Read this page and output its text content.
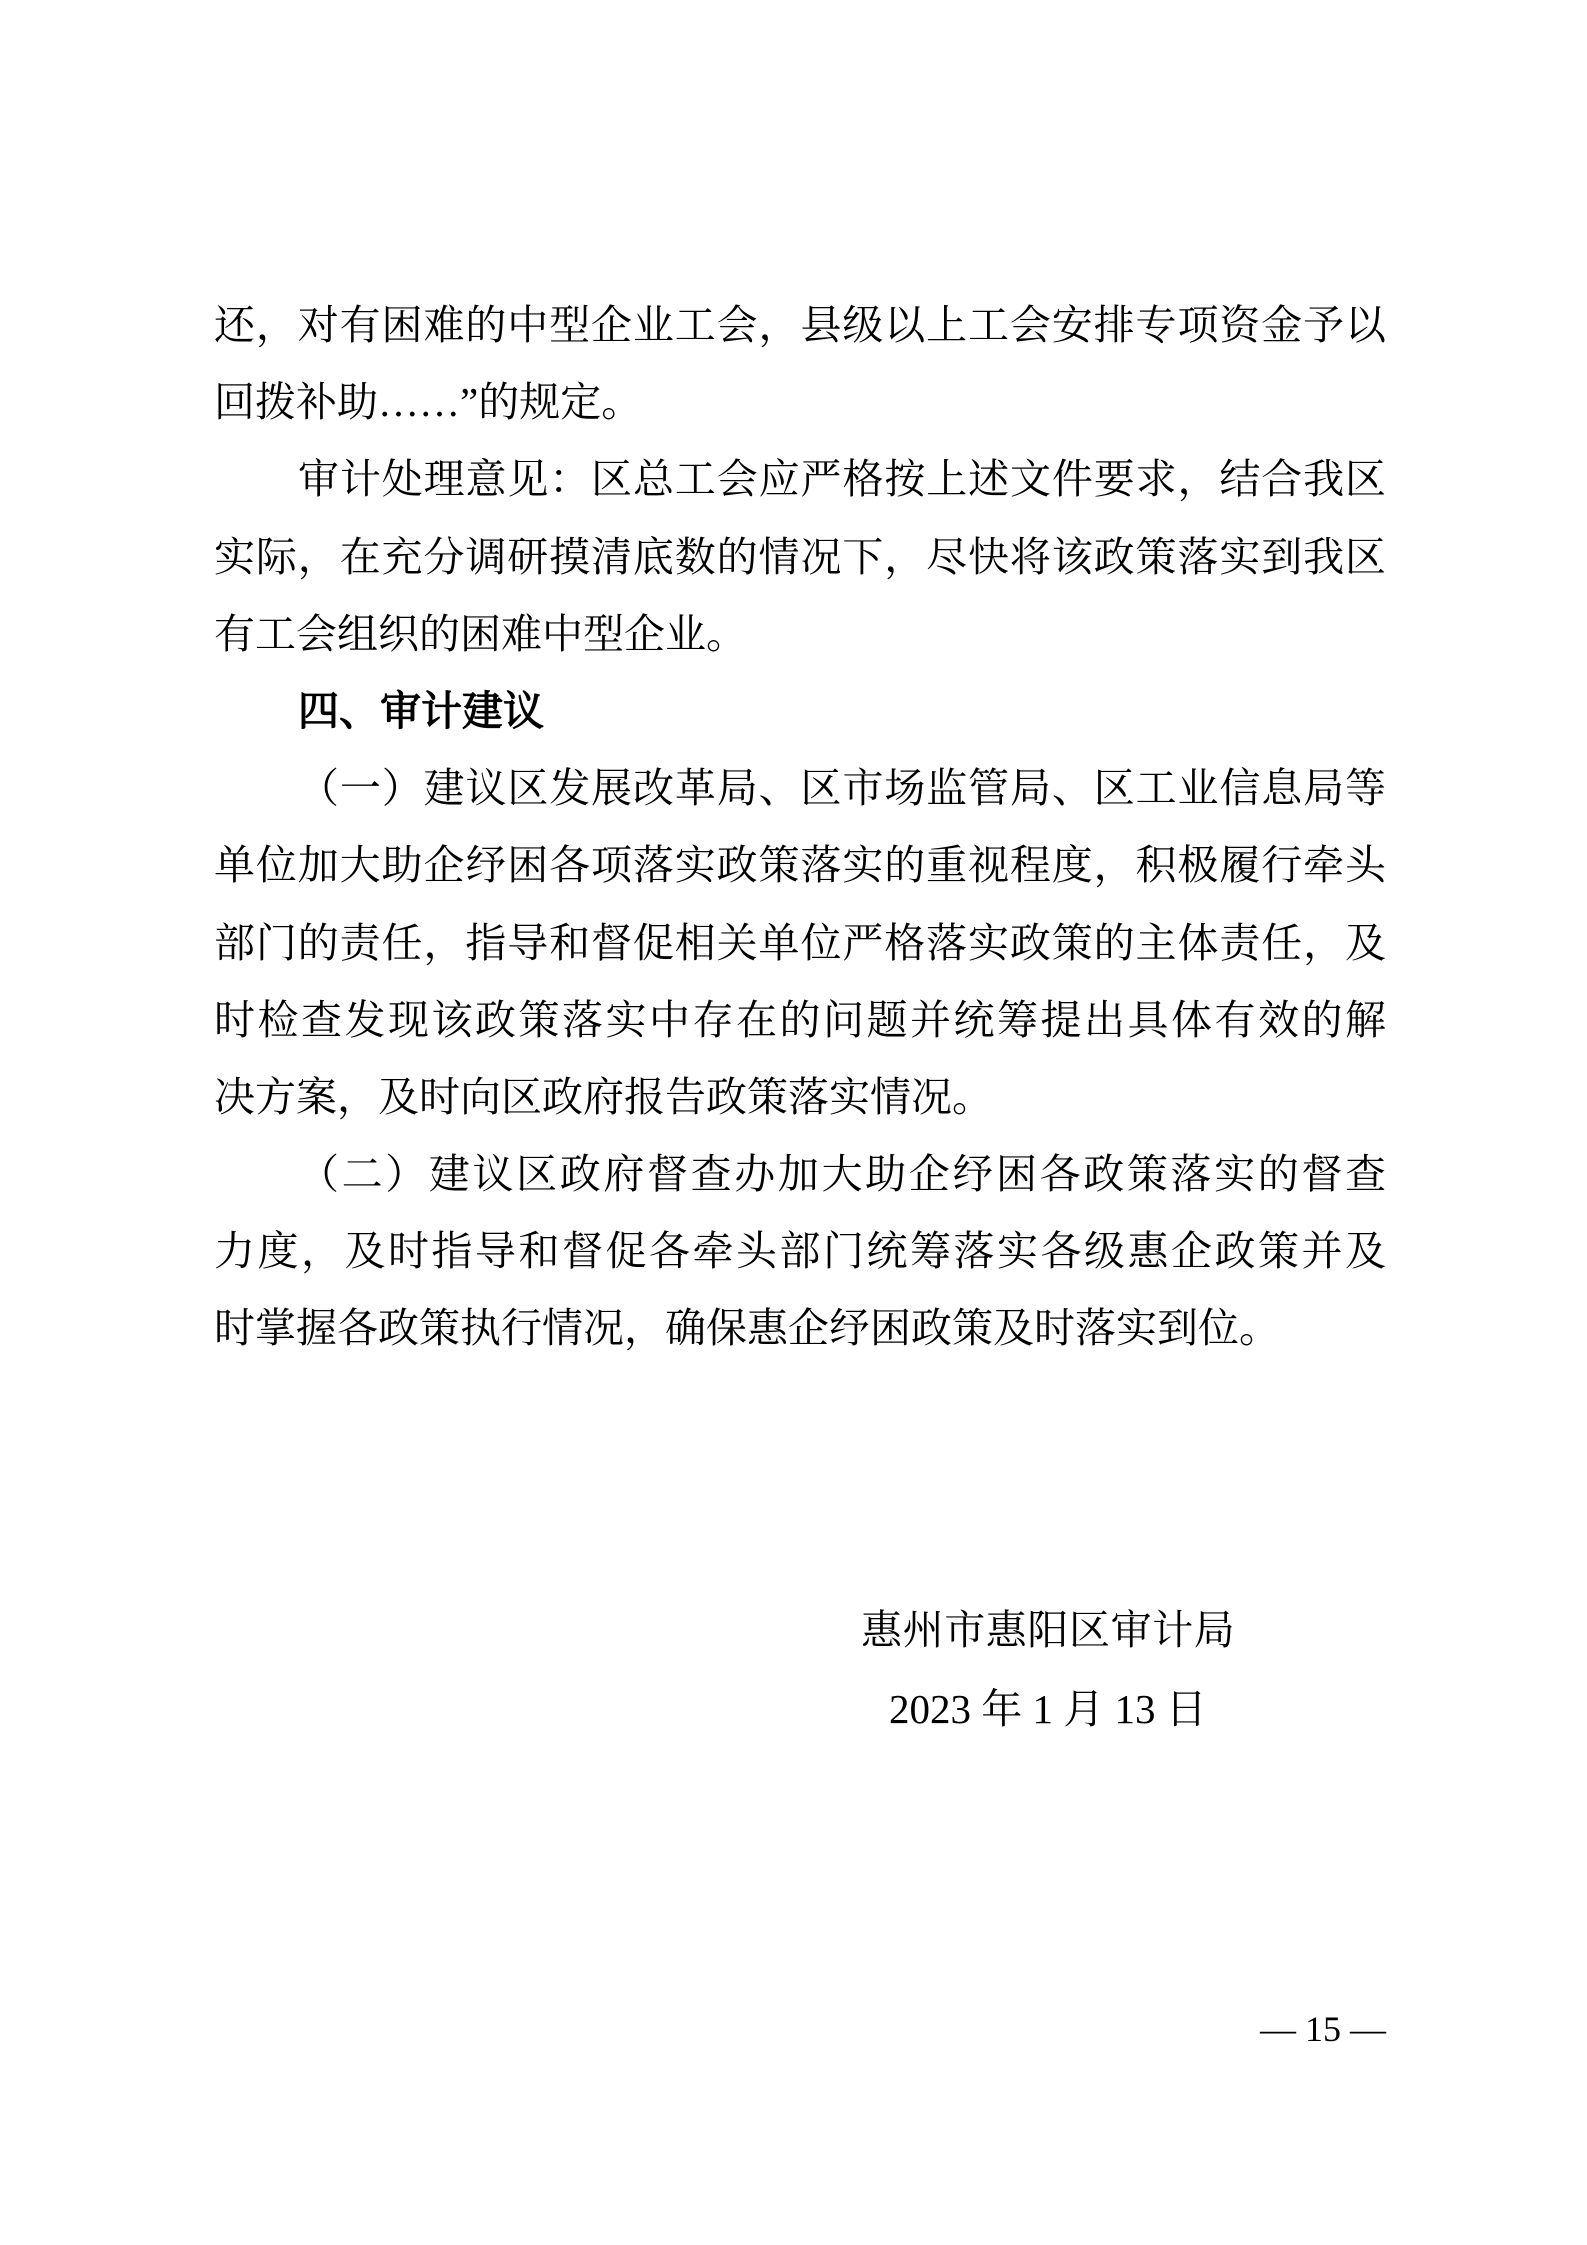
还，对有困难的中型企业工会，县级以上工会安排专项资金予以
回拨补助……”的规定。
审计处理意见：区总工会应严格按上述文件要求，结合我区
实际，在充分调研摸清底数的情况下，尽快将该政策落实到我区
有工会组织的困难中型企业。
四、审计建议
（一）建议区发展改革局、区市场监管局、区工业信息局等
单位加大助企纾困各项落实政策落实的重视程度，积极履行牵头
部门的责任，指导和督促相关单位严格落实政策的主体责任，及
时检查发现该政策落实中存在的问题并统筹提出具体有效的解
决方案，及时向区政府报告政策落实情况。
（二）建议区政府督查办加大助企纾困各政策落实的督查
力度，及时指导和督促各牵头部门统筹落实各级惠企政策并及
时掌握各政策执行情况，确保惠企纾困政策及时落实到位。
惠州市惠阳区审计局
2023 年 1 月 13 日
— 15 —
